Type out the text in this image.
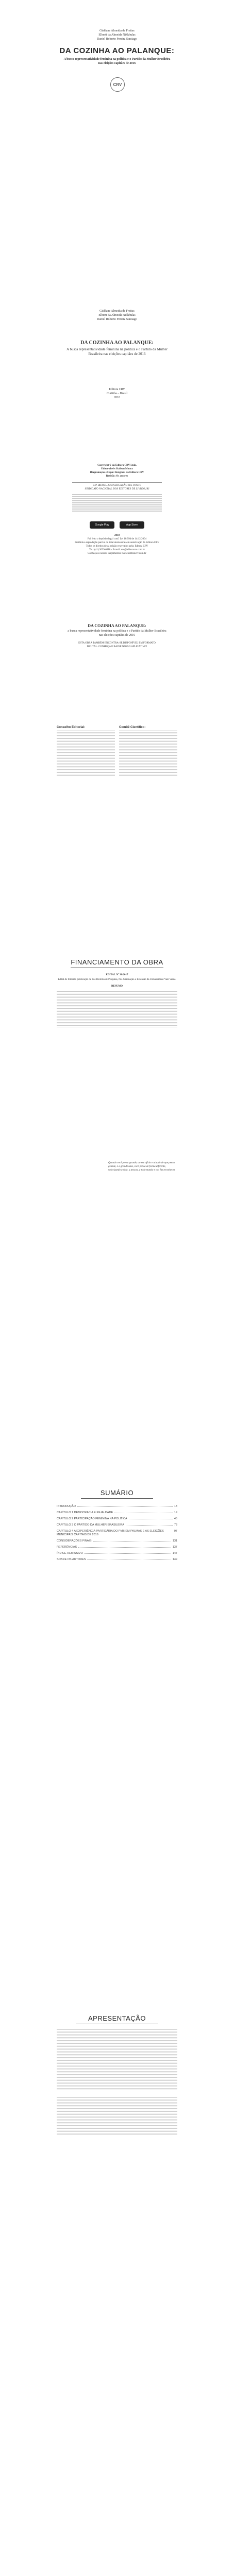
Gisléane Almeida de Freitas
Elberti da Almeida Nikkhulas
Daniel Roberto Pereira Santiago
DA COZINHA AO PALANQUE:
A busca representatividade feminina na política e o Partido da Mulher Brasileira nas eleições capitães de 2016
CRV
Gisléane Almeida de Freitas
Elberti da Almeida Nikkhulas
Daniel Roberto Pereira Santiago
DA COZINHA AO PALANQUE:
A busca representatividade feminina na política e o Partido da Mulher Brasileira nas eleições capitães de 2016
Editora CRV
Curitiba – Brasil
2018
Copyright © da Editora CRV Ltda.
Editor-chefe: Railson Moura
Diagramação e Capa: Designers da Editora CRV
Revisão: Os autores
CIP-BRASIL. CATALOGAÇÃO-NA-FONTE
SINDICATO NACIONAL DOS EDITORES DE LIVROS, RJ
Google Play	App Store
2018
Foi feito o depósito legal conf. Lei 10.994 de 14/12/2004
Proibida a reprodução parcial ou total desta obra sem autorização da Editora CRV
Todos os direitos desta edição reservados pela: Editora CRV
Tel.: (41) 3039-6418 - E-mail: sac@editoracrv.com.br
Conheça os nossos lançamentos: www.editoracrv.com.br
DA COZINHA AO PALANQUE:
a busca representatividade feminina na política e o Partido da Mulher Brasileira nas eleições capitães de 2016
ESTA OBRA TAMBÉM ENCONTRA-SE DISPONÍVEL EM FORMATO DIGITAL. CONHEÇA E BAIXE NOSSO APLICATIVO!
Conselho Editorial:	Comitê Científico:
FINANCIAMENTO DA OBRA
EDITAL N° 30/2017
Edital de fomento publicação de Pós Reitoria de Pesquisa, Pós-Graduação e Extensão da Universidade Vale Verde.
RESUMO
Quando você pensa grande, ao seu ofício e atitude de que pensa grande, é a grande idea, você pensa de forma diferente, valorizando a vida, a pessoa, a todo mundo e nos faz reconhecer.
SUMÁRIO
INTRODUÇÃO	13
CAPÍTULO 1 DEMOCRACIA E IGUALDADE	19
CAPÍTULO 2 PARTICIPAÇÃO FEMININA NA POLÍTICA	45
CAPÍTULO 3 O PARTIDO DA MULHER BRASILEIRA	73
CAPÍTULO 4 A EXPERIÊNCIA PARTIDÁRIA DO PMB EM PALMAS E AS ELEIÇÕES MUNICIPAIS CAPITAIS DE 2016
97
CONSIDERAÇÕES FINAIS	131
REFERÊNCIAS	137
ÍNDICE REMISSIVO	147
SOBRE OS AUTORES	149
APRESENTAÇÃO
